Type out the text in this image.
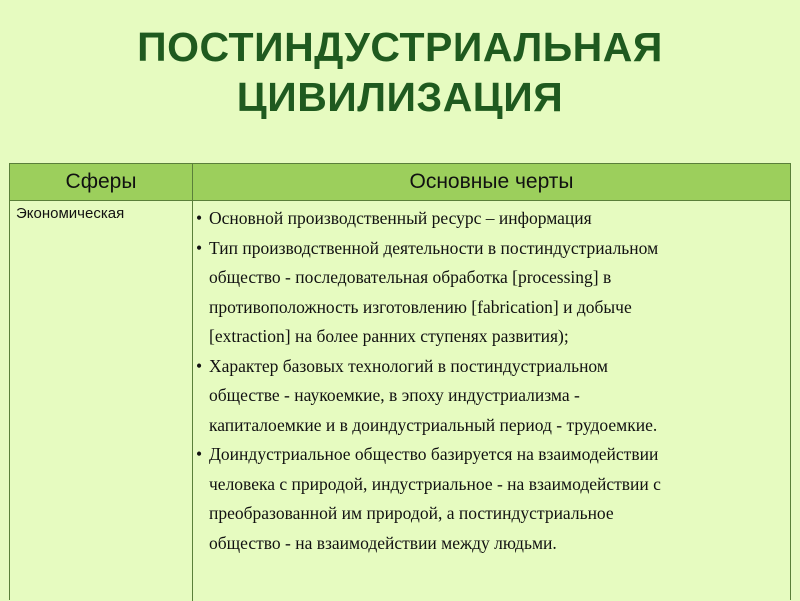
ПОСТИНДУСТРИАЛЬНАЯ
ЦИВИЛИЗАЦИЯ
Сферы	Основные черты
Экономическая	• Основной производственный ресурс – информация
• Тип производственной деятельности в постиндустриальном
общество - последовательная обработка [processing] в
противоположность изготовлению [fabrication] и добыче
[extraction] на более ранних ступенях развития);
• Характер базовых технологий в постиндустриальном
обществе - наукоемкие, в эпоху индустриализма -
капиталоемкие и в доиндустриальный период - трудоемкие.
• Доиндустриальное общество базируется на взаимодействии
человека с природой, индустриальное - на взаимодействии с
преобразованной им природой, а постиндустриальное
общество - на взаимодействии между людьми.
